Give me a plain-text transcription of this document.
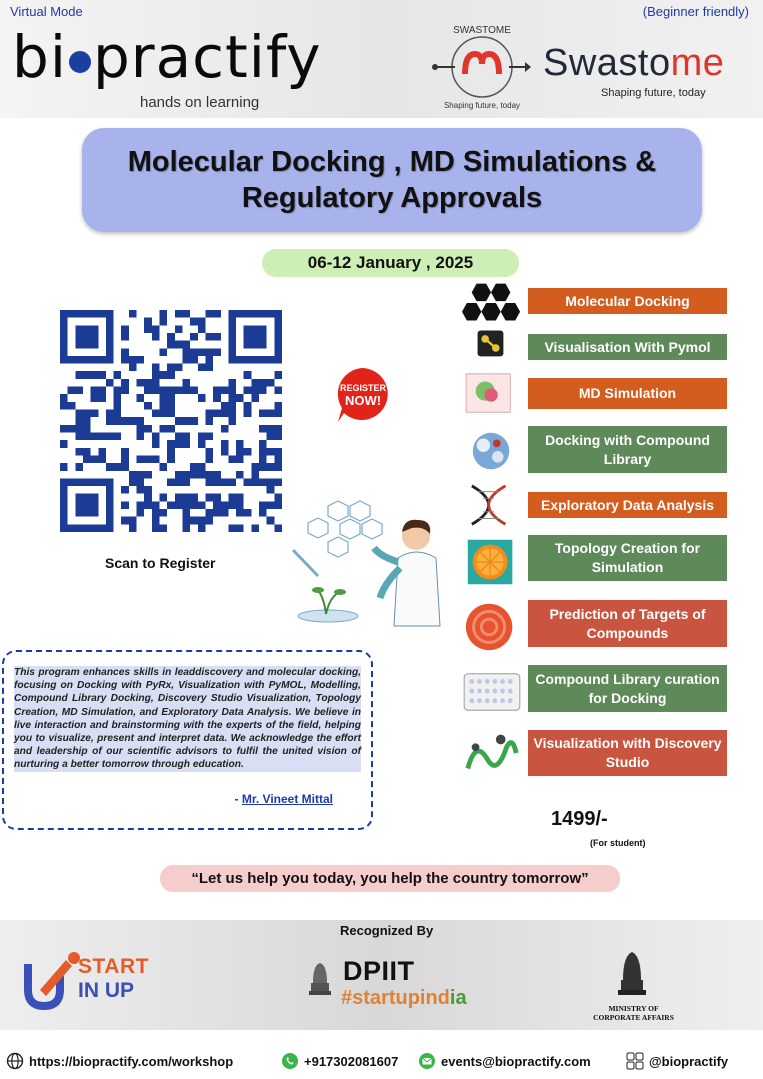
Virtual Mode	(Beginner friendly)
bi practify
hands on learning
SWASTOME
Shaping future, today
Swastome
Shaping future, today
Molecular Docking , MD Simulations &
Regulatory Approvals
06-12 January , 2025
Scan to Register
REGISTER
NOW!
Molecular Docking
Visualisation With Pymol
MD Simulation
Docking with Compound Library
Exploratory Data Analysis
Topology Creation for Simulation
Prediction of Targets of Compounds
Compound Library curation for Docking
Visualization with Discovery Studio
This program enhances skills in leaddiscovery and molecular docking, focusing on Docking with PyRx, Visualization with PyMOL, Modelling, Compound Library Docking, Discovery Studio Visualization, Topology Creation, MD Simulation, and Exploratory Data Analysis. We believe in live interaction and brainstorming with the experts of the field, helping you to visualize, present and interpret data. We acknowledge the effort and leadership of our scientific advisors to fulfil the united vision of nurturing a better tomorrow through education.
- Mr. Vineet Mittal
1499/-
(For student)
“Let us help you today, you help the country tomorrow”
Recognized By
START
IN UP
DPIIT
#startupindia	MINISTRY OF
CORPORATE AFFAIRS
https://biopractify.com/workshop	+917302081607	events@biopractify.com	@biopractify
